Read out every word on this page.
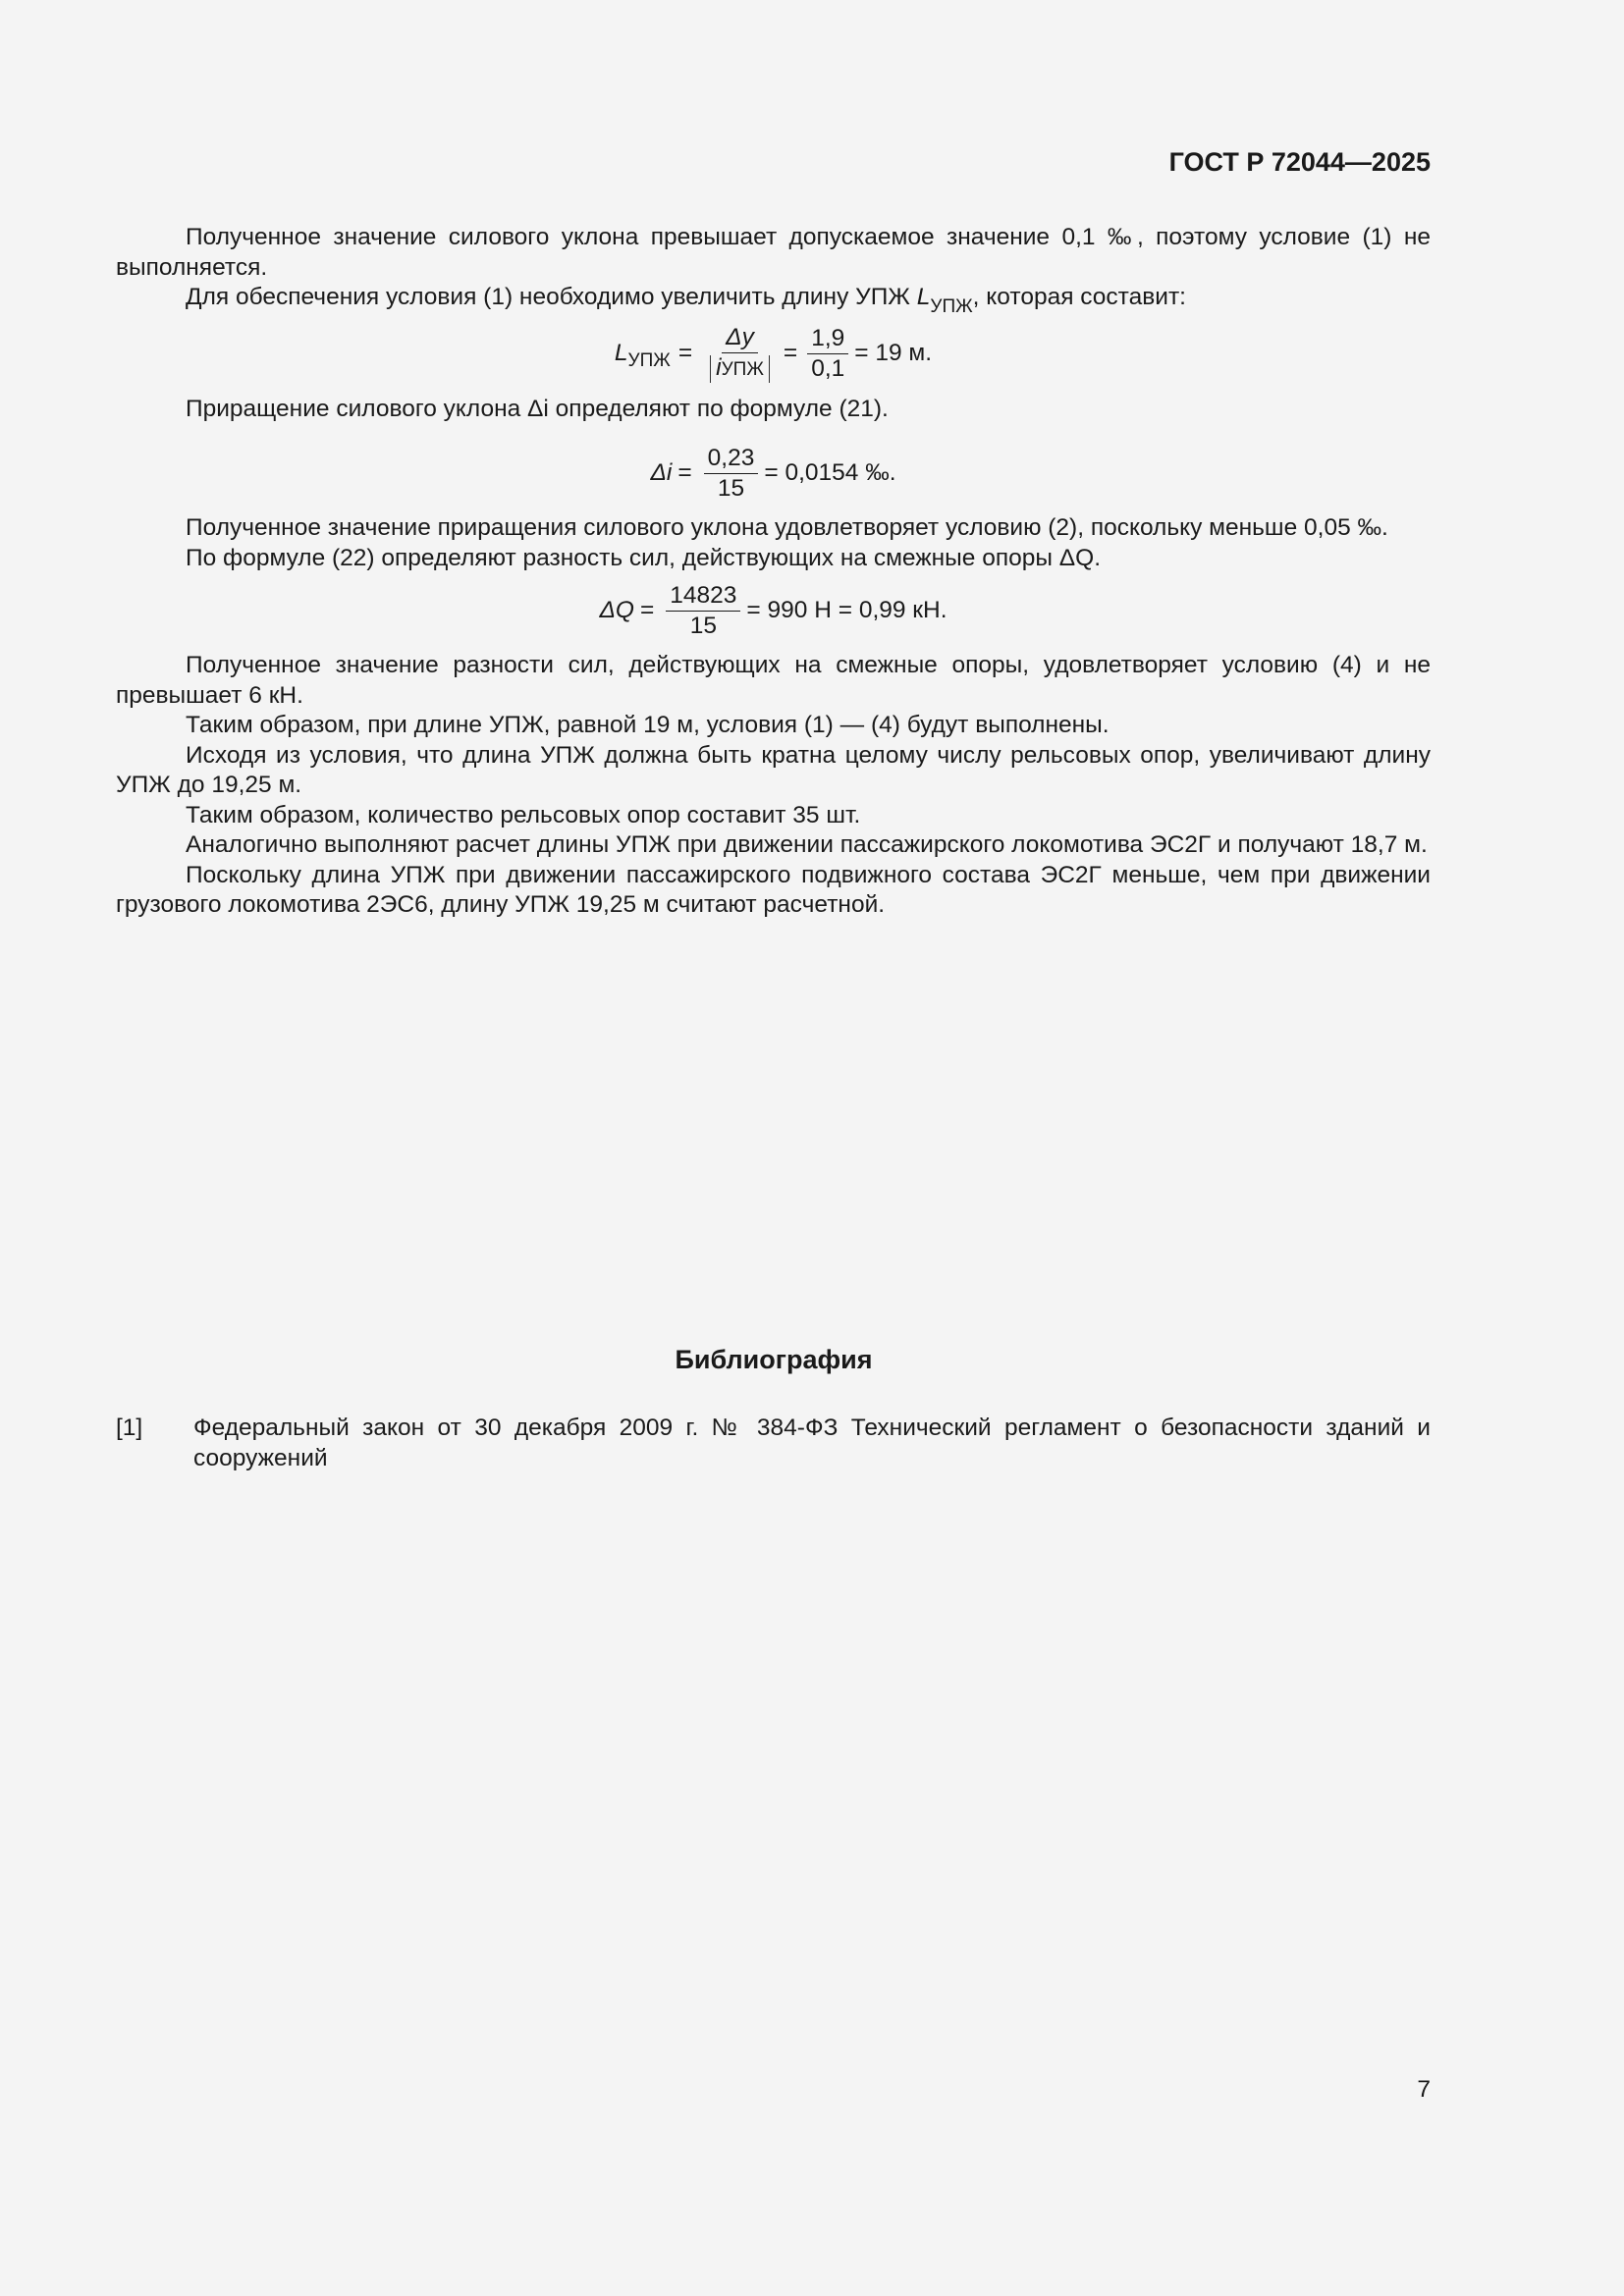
ГОСТ Р 72044—2025

Полученное значение силового уклона превышает допускаемое значение 0,1 ‰, поэтому условие (1) не выполняется.

Для обеспечения условия (1) необходимо увеличить длину УПЖ $L_{УПЖ}$, которая составит:

L УПЖ = $\frac{\Delta y}{\text{iУПЖ}} = \frac{1,9}{0,1} = 19$ м.

Приращение силового уклона Δi определяют по формуле (21).

$\Delta i = \frac{0,23}{15} = 0,0154$ ‰.

Полученное значение приращения силового уклона удовлетворяет условию (2), поскольку меньше 0,05 ‰.

По формуле (22) определяют разность сил, действующих на смежные опоры ΔQ.

$\Delta Q = \frac{14823}{15} = 990$ Н = 0,99 кН.

Полученное значение разности сил, действующих на смежные опоры, удовлетворяет условию (4) и не превышает 6 кН.

Таким образом, при длине УПЖ, равной 19 м, условия (1) — (4) будут выполнены.

Исходя из условия, что длина УПЖ должна быть кратна целому числу рельсовых опор, увеличивают длину УПЖ до 19,25 м.

Таким образом, количество рельсовых опор составит 35 шт.

Аналогично выполняют расчет длины УПЖ при движении пассажирского локомотива ЭС2Г и получают 18,7 м.

Поскольку длина УПЖ при движении пассажирского подвижного состава ЭС2Г меньше, чем при движении грузового локомотива 2ЭС6, длину УПЖ 19,25 м считают расчетной.

Библиография
[1]	Федеральный закон от 30 декабря 2009 г. № 384-ФЗ Технический регламент о безопасности зданий и сооружений
7
